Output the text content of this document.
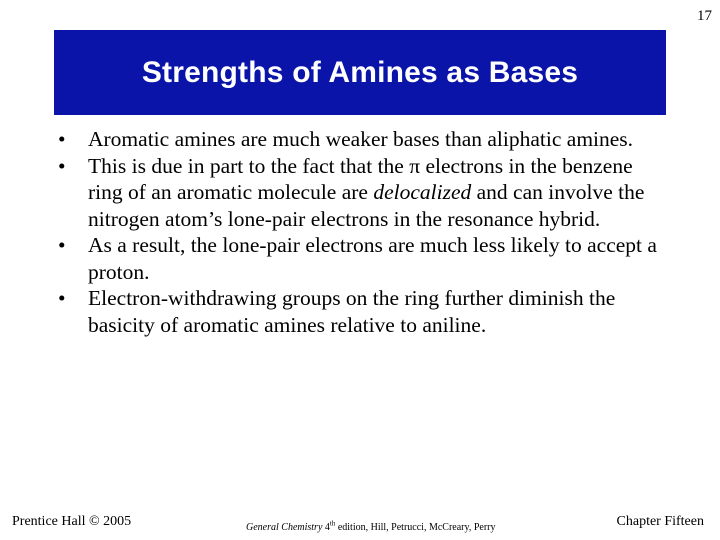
17
Strengths of Amines as Bases
• Aromatic amines are much weaker bases than aliphatic amines.
• This is due in part to the fact that the π electrons in the benzene ring of an aromatic molecule are delocalized and can involve the nitrogen atom’s lone-pair electrons in the resonance hybrid.
• As a result, the lone-pair electrons are much less likely to accept a proton.
• Electron-withdrawing groups on the ring further diminish the basicity of aromatic amines relative to aniline.
Prentice Hall © 2005	General Chemistry 4th edition, Hill, Petrucci, McCreary, Perry	Chapter Fifteen
